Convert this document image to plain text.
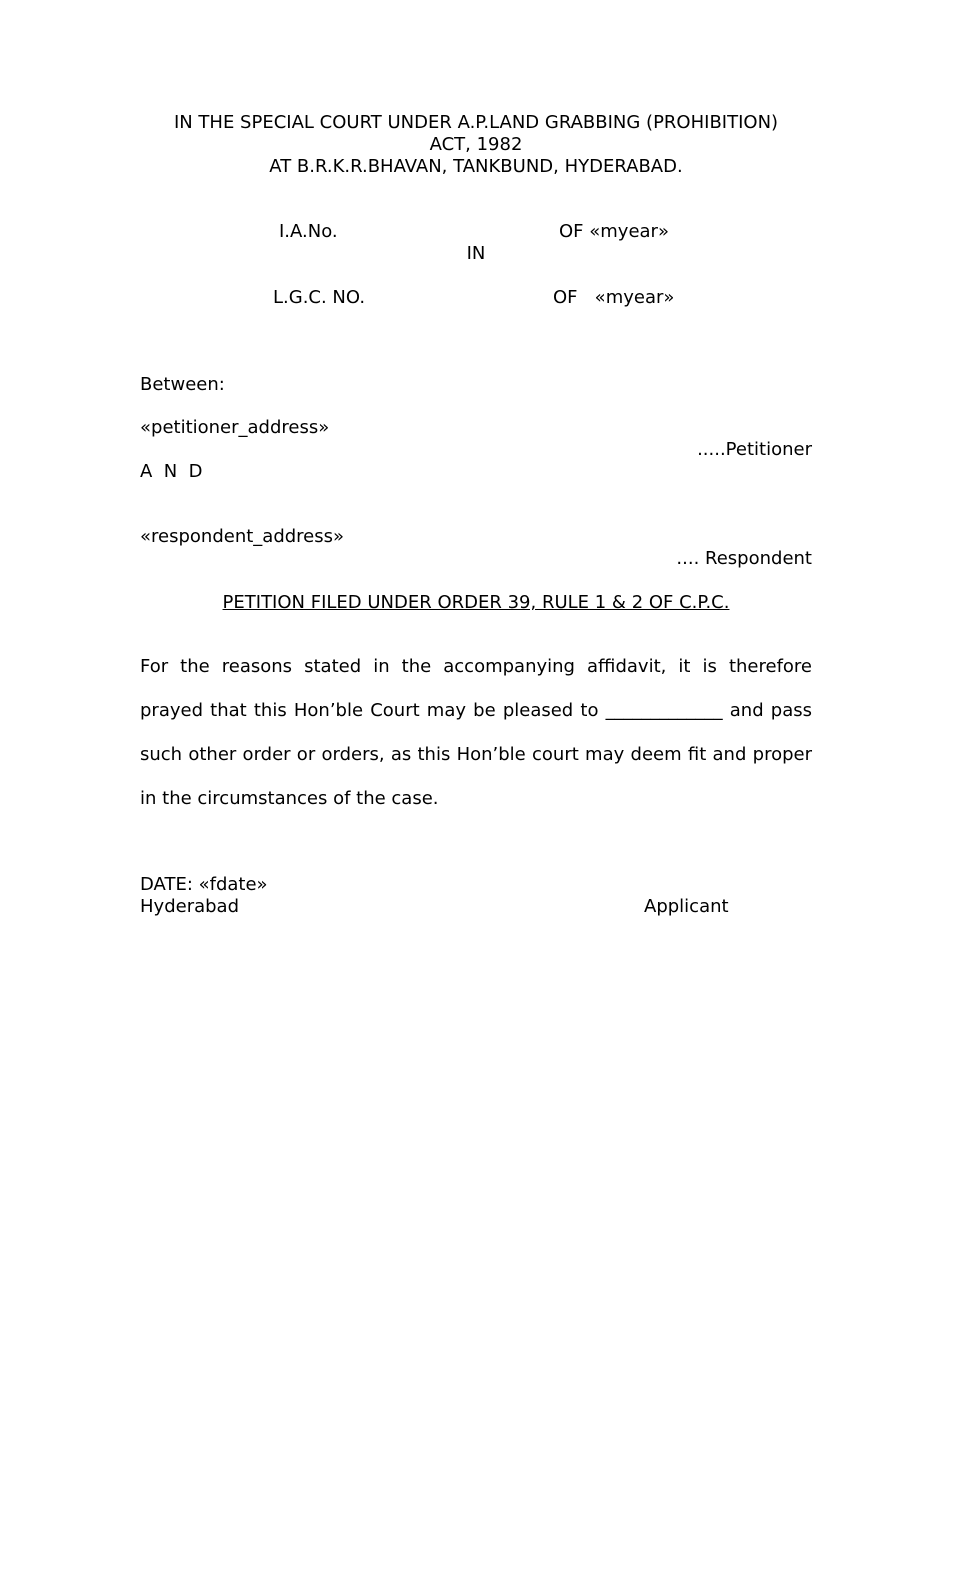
IN THE SPECIAL COURT UNDER A.P.LAND GRABBING (PROHIBITION)
ACT, 1982
AT B.R.K.R.BHAVAN, TANKBUND, HYDERABAD.
I.A.No.	OF «myear»
IN
L.G.C. NO.	OF   «myear»
Between:
«petitioner_address»
.....Petitioner
A  N  D
«respondent_address»
.... Respondent
PETITION FILED UNDER ORDER 39, RULE 1 & 2 OF C.P.C.
For the reasons stated in the accompanying affidavit, it is therefore prayed that this Hon’ble Court may be pleased to _____________ and pass such other order or orders, as this Hon’ble court may deem fit and proper in the circumstances of the case.
DATE: «fdate»
Hyderabad	Applicant
